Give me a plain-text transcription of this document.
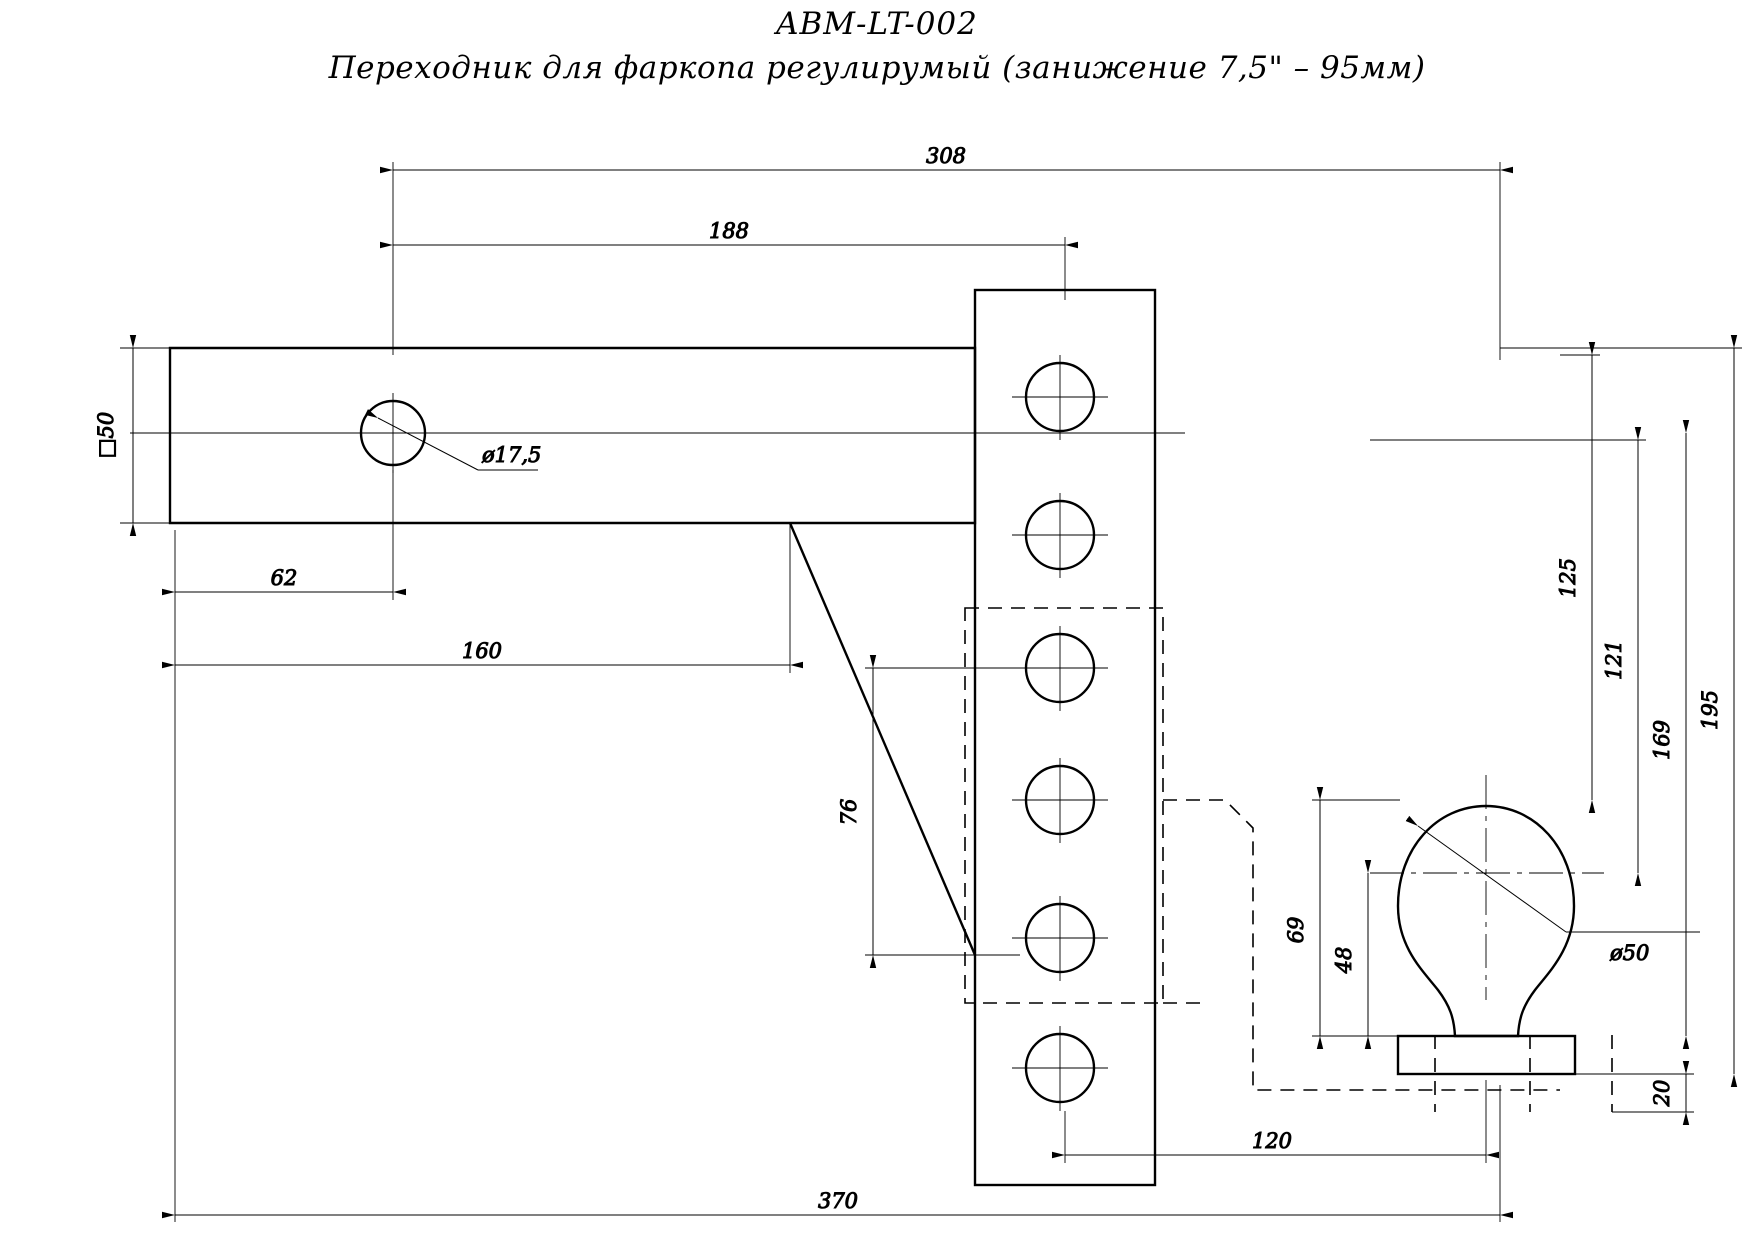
ABM-LT-002
Переходник для фаркопа регулирумый (занижение 7,5" – 95мм)
308
188
62
160
370
□50	ø17,5
ø50
125
121
169
195
76
69
48
20
120
